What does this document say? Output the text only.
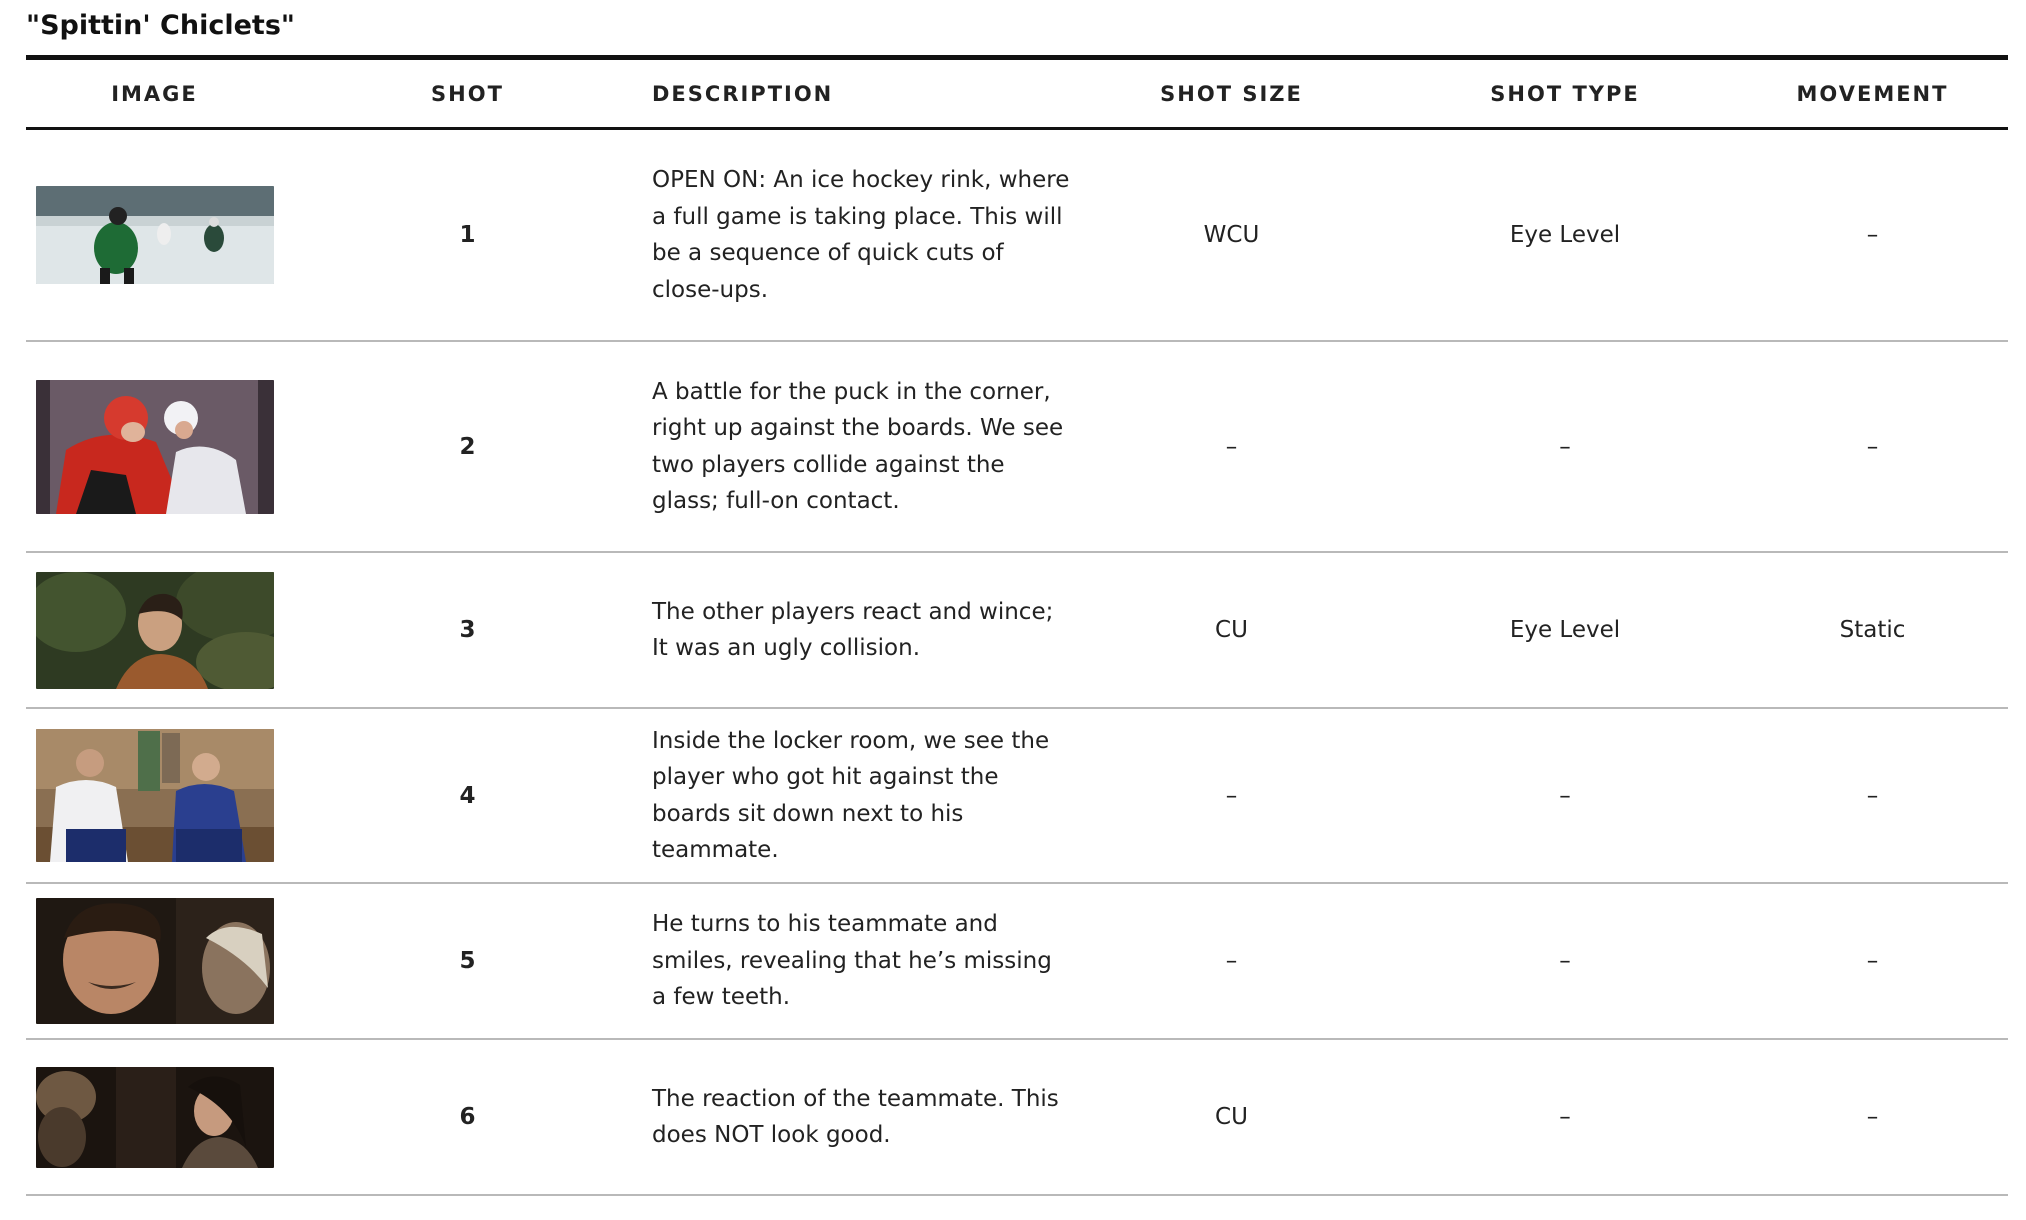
"Spittin' Chiclets"
IMAGE	SHOT	DESCRIPTION	SHOT SIZE	SHOT TYPE	MOVEMENT
1
OPEN ON: An ice hockey rink, where a full game is taking place. This will be a sequence of quick cuts of close-ups.
WCU	Eye Level	–
2
A battle for the puck in the corner, right up against the boards. We see two players collide against the glass; full-on contact.
–	–	–
3
The other players react and wince; It was an ugly collision.
CU	Eye Level	Static
4
Inside the locker room, we see the player who got hit against the boards sit down next to his teammate.
–	–	–
5
He turns to his teammate and smiles, revealing that he’s missing a few teeth.
–	–	–
6
The reaction of the teammate. This does NOT look good.
CU	–	–
